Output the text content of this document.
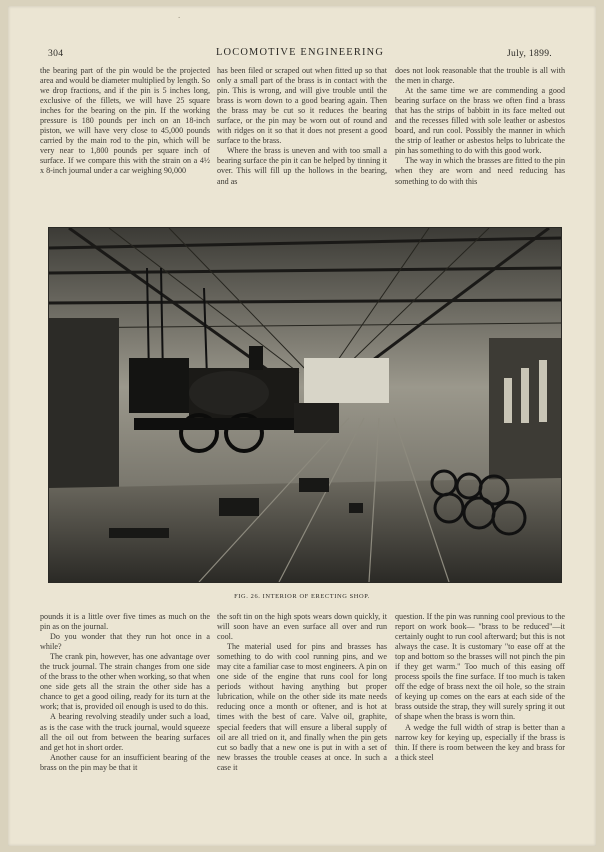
.
304	LOCOMOTIVE ENGINEERING	July, 1899.

the bearing part of the pin would be the projected area and would be diameter multiplied by length. So we drop fractions, and if the pin is 5 inches long, exclusive of the fillets, we will have 25 square inches for the bearing on the pin. If the working pressure is 180 pounds per inch on an 18-inch piston, we will have very close to 45,000 pounds carried by the main rod to the pin, which will be very near to 1,800 pounds per square inch of surface. If we compare this with the strain on a 4½ x 8-inch journal under a car weighing 90,000

has been filed or scraped out when fitted up so that only a small part of the brass is in contact with the pin. This is wrong, and will give trouble until the brass is worn down to a good bearing again. Then the brass may be cut so it reduces the bearing surface, or the pin may be worn out of round and with ridges on it so that it does not present a good surface to the brass.

Where the brass is uneven and with too small a bearing surface the pin it can be helped by tinning it over. This will fill up the hollows in the bearing, and as

does not look reasonable that the trouble is all with the men in charge.

At the same time we are commending a good bearing surface on the brass we often find a brass that has the strips of babbitt in its face melted out and the recesses filled with sole leather or asbestos board, and run cool. Possibly the manner in which the strip of leather or asbestos helps to lubricate the pin has something to do with this good work.

The way in which the brasses are fitted to the pin when they are worn and need reducing has something to do with this

FIG. 26. INTERIOR OF ERECTING SHOP.

pounds it is a little over five times as much on the pin as on the journal.

Do you wonder that they run hot once in a while?

The crank pin, however, has one advantage over the truck journal. The strain changes from one side of the brass to the other when working, so that when one side gets all the strain the other side has a chance to get a good oiling, ready for its turn at the work; that is, provided oil enough is used to do this.

A bearing revolving steadily under such a load, as is the case with the truck journal, would squeeze all the oil out from between the bearing surfaces and get hot in short order.

Another cause for an insufficient bearing of the brass on the pin may be that it

the soft tin on the high spots wears down quickly, it will soon have an even surface all over and run cool.

The material used for pins and brasses has something to do with cool running pins, and we may cite a familiar case to most engineers. A pin on one side of the engine that runs cool for long periods without having anything but proper lubrication, while on the other side its mate needs reducing once a month or oftener, and is hot at times with the best of care. Valve oil, graphite, special feeders that will ensure a liberal supply of oil are all tried on it, and finally when the pin gets cut so badly that a new one is put in with a set of new brasses the trouble ceases at once. In such a case it

question. If the pin was running cool previous to the report on work book— "brass to be reduced"—it certainly ought to run cool afterward; but this is not always the case. It is customary "to ease off at the top and bottom so the brasses will not pinch the pin if they get warm." Too much of this easing off process spoils the fine surface. If too much is taken off the edge of brass next the oil hole, so the strain of keying up comes on the ears at each side of the brass outside the strap, they will surely spring it out of shape when the brass is worn thin.

A wedge the full width of strap is better than a narrow key for keying up, especially if the brass is thin. If there is room between the key and brass for a thick steel
